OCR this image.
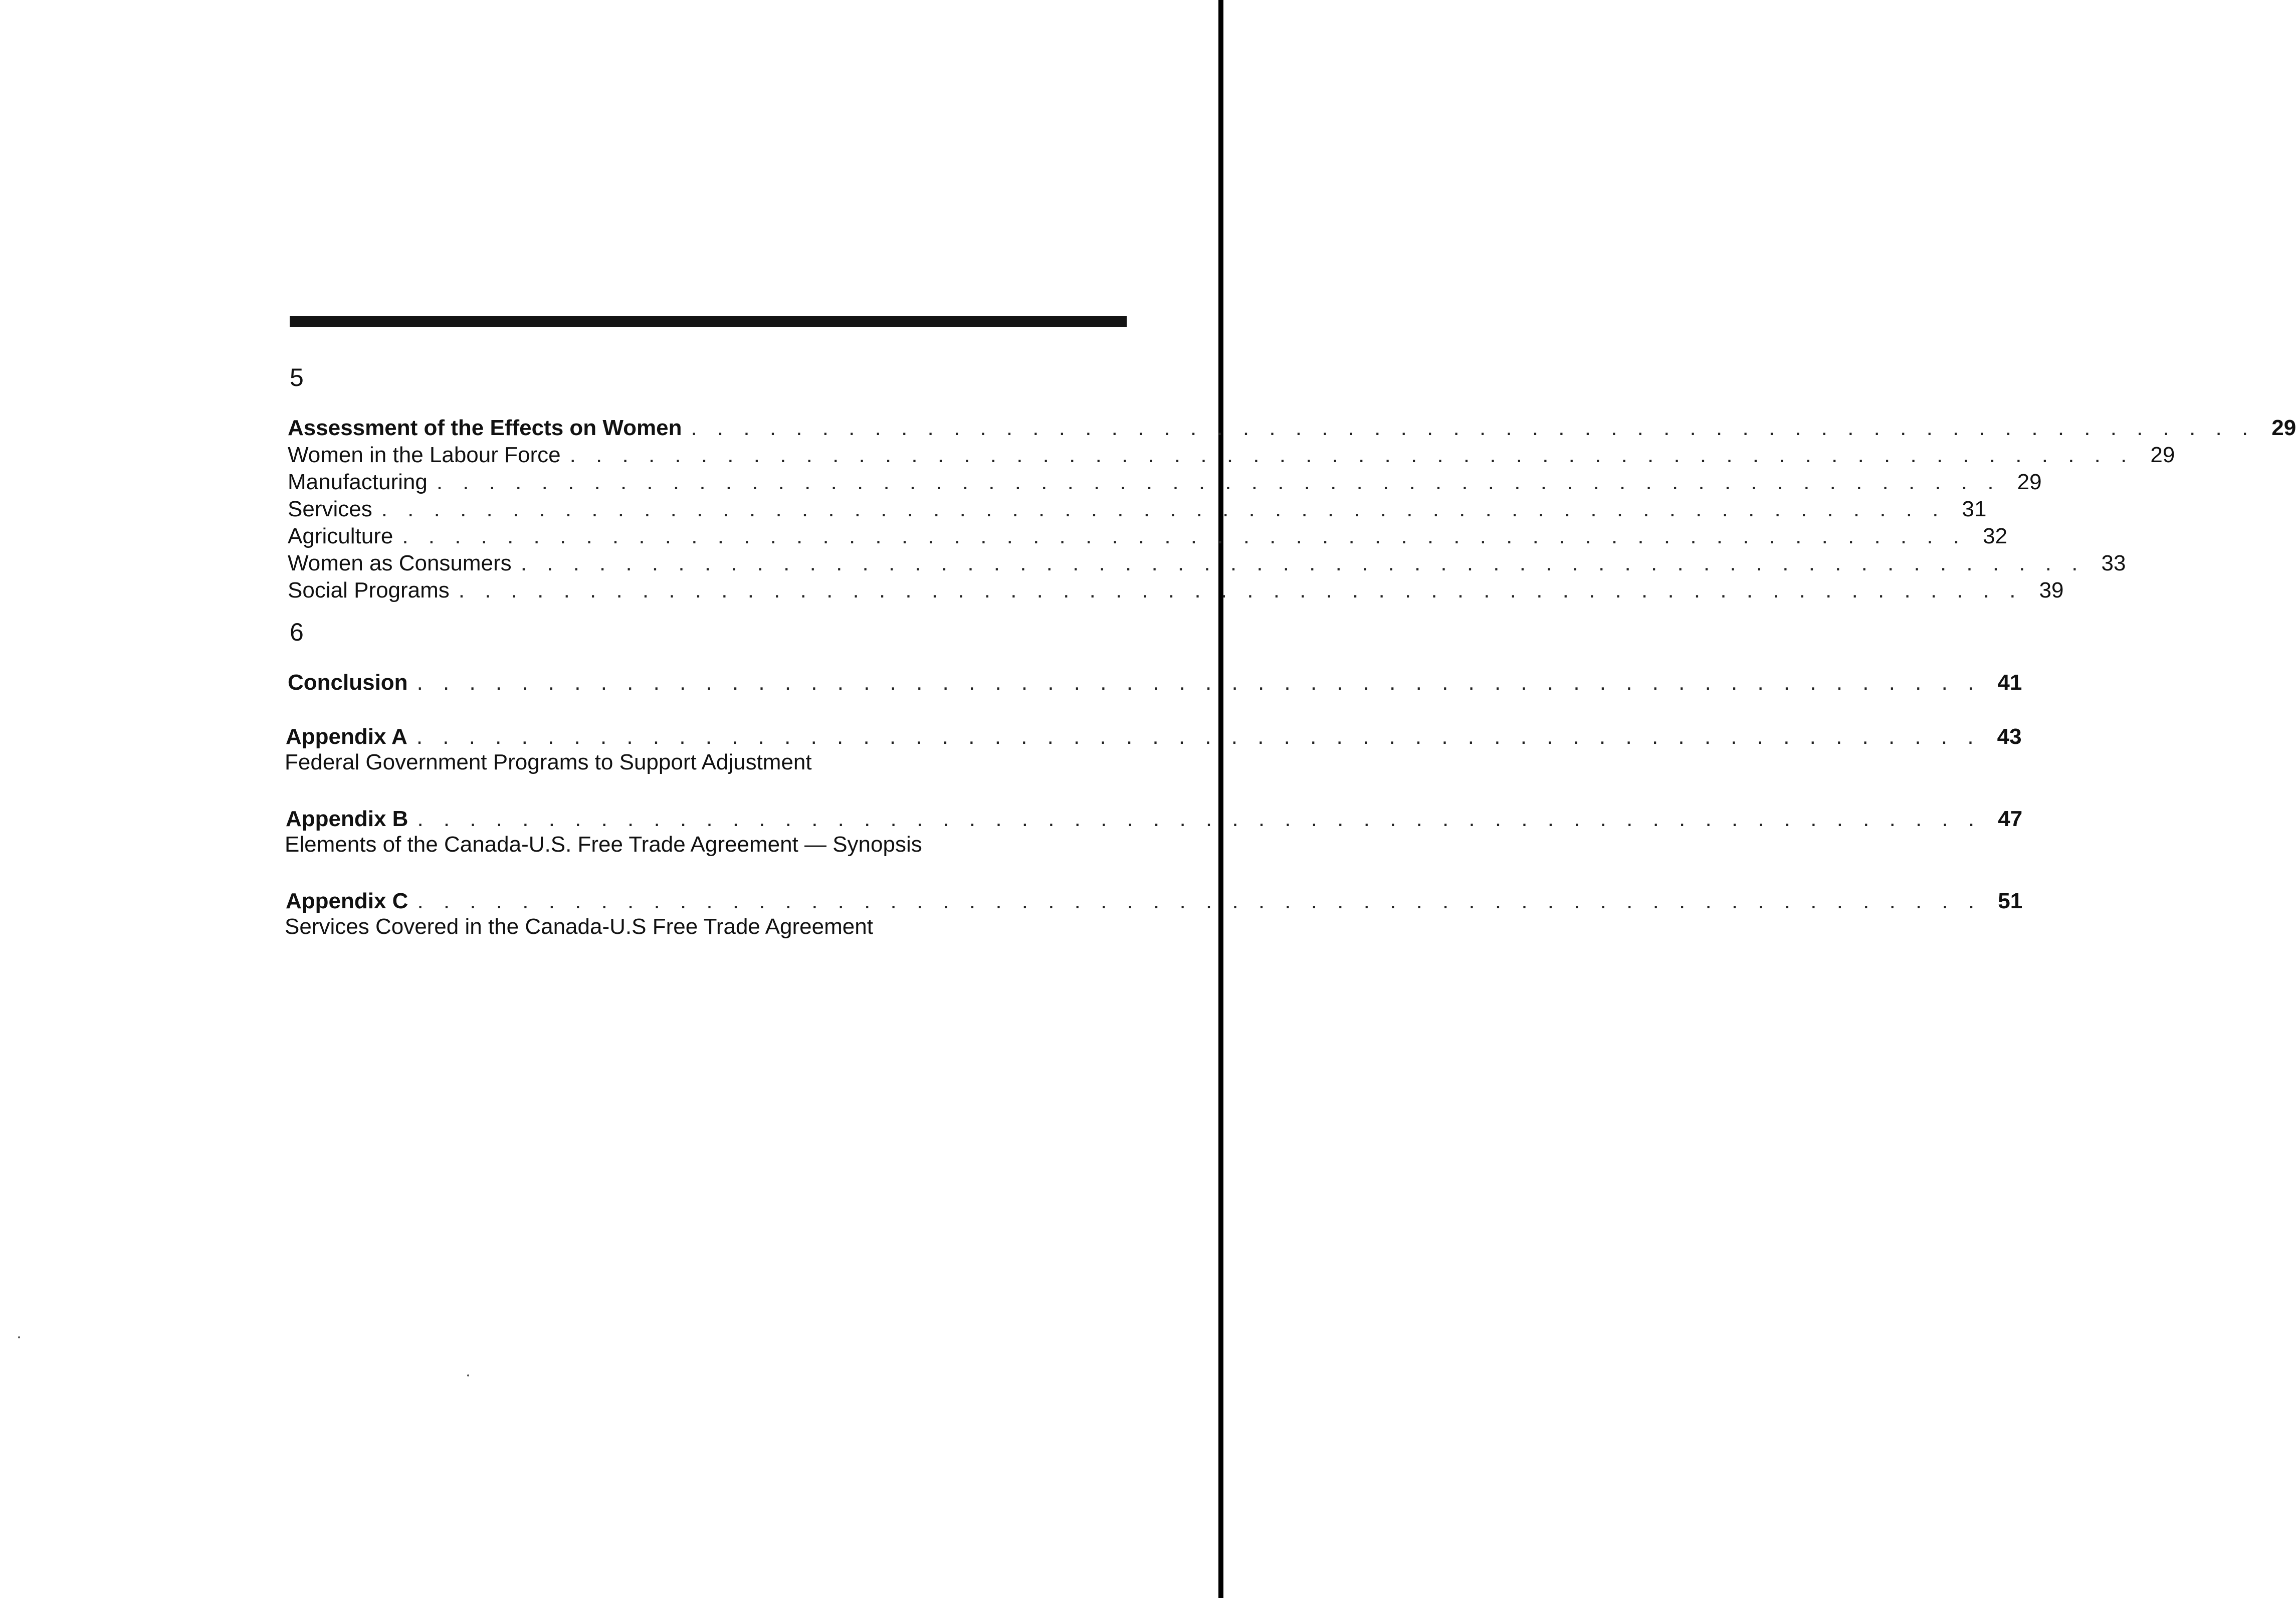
5
Assessment of the Effects on Women . . . . . . . . . . . . . . . . . . . . . . . . . . . . . . . . . . . . . . . . . . . . . . . . . . . . . . . . . . . . 29
Women in the Labour Force . . . . . . . . . . . . . . . . . . . . . . . . . . . . . . . . . . . . . . . . . . . . . . . . . . . . . . . . . . . . 29
Manufacturing . . . . . . . . . . . . . . . . . . . . . . . . . . . . . . . . . . . . . . . . . . . . . . . . . . . . . . . . . . . . 29
Services . . . . . . . . . . . . . . . . . . . . . . . . . . . . . . . . . . . . . . . . . . . . . . . . . . . . . . . . . . . . 31
Agriculture . . . . . . . . . . . . . . . . . . . . . . . . . . . . . . . . . . . . . . . . . . . . . . . . . . . . . . . . . . . . 32
Women as Consumers . . . . . . . . . . . . . . . . . . . . . . . . . . . . . . . . . . . . . . . . . . . . . . . . . . . . . . . . . . . . 33
Social Programs . . . . . . . . . . . . . . . . . . . . . . . . . . . . . . . . . . . . . . . . . . . . . . . . . . . . . . . . . . . . 39
6
Conclusion . . . . . . . . . . . . . . . . . . . . . . . . . . . . . . . . . . . . . . . . . . . . . . . . . . . . . . . . . . . . 41
Appendix A . . . . . . . . . . . . . . . . . . . . . . . . . . . . . . . . . . . . . . . . . . . . . . . . . . . . . . . . . . . . 43
Federal Government Programs to Support Adjustment
Appendix B . . . . . . . . . . . . . . . . . . . . . . . . . . . . . . . . . . . . . . . . . . . . . . . . . . . . . . . . . . . . 47
Elements of the Canada-U.S. Free Trade Agreement — Synopsis
Appendix C . . . . . . . . . . . . . . . . . . . . . . . . . . . . . . . . . . . . . . . . . . . . . . . . . . . . . . . . . . . . 51
Services Covered in the Canada-U.S Free Trade Agreement
